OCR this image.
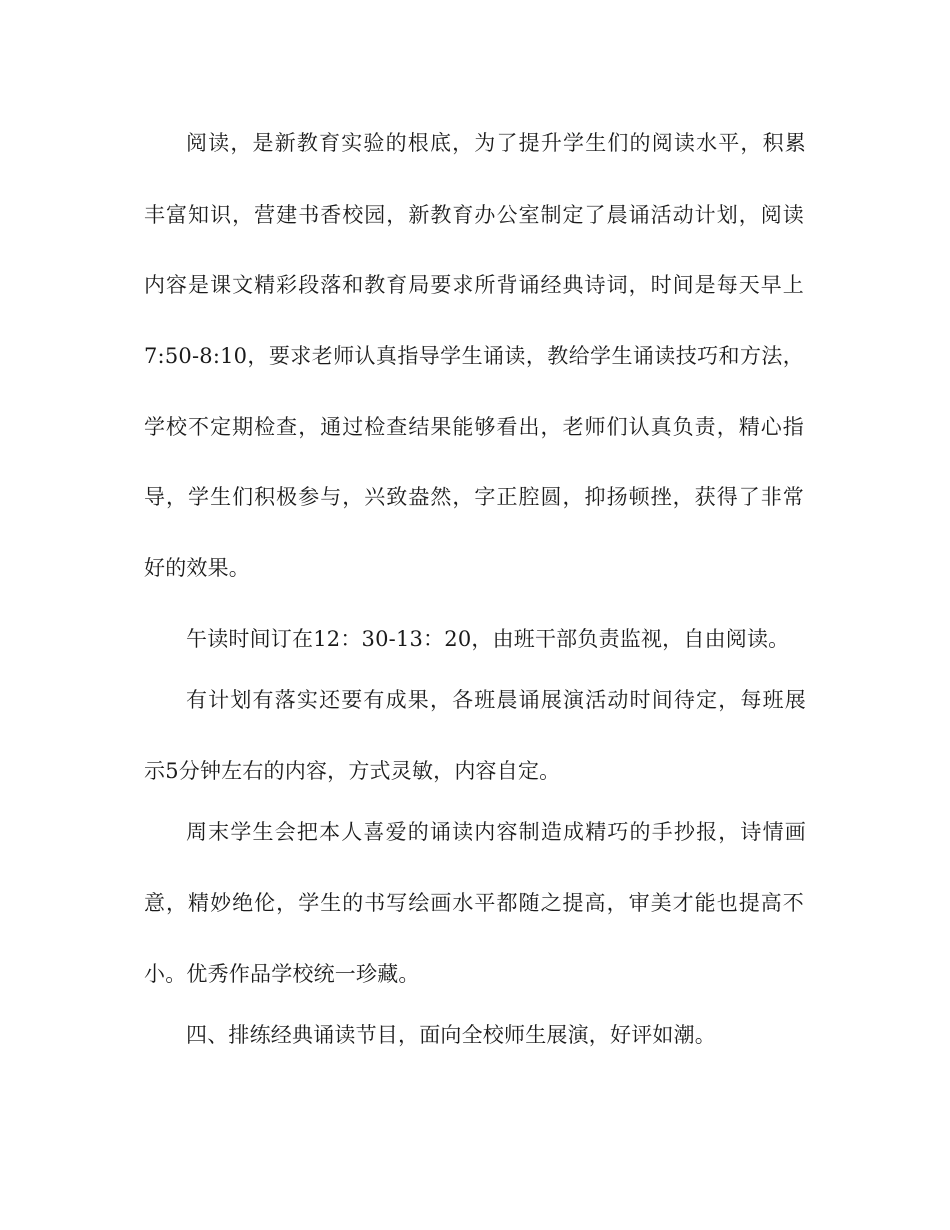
阅读，是新教育实验的根底，为了提升学生们的阅读水平，积累
丰富知识，营建书香校园，新教育办公室制定了晨诵活动计划，阅读
内容是课文精彩段落和教育局要求所背诵经典诗词，时间是每天早上
7:50-8:10，要求老师认真指导学生诵读，教给学生诵读技巧和方法，
学校不定期检查，通过检查结果能够看出，老师们认真负责，精心指
导，学生们积极参与，兴致盎然，字正腔圆，抑扬顿挫，获得了非常
好的效果。
午读时间订在12：30-13：20，由班干部负责监视，自由阅读。
有计划有落实还要有成果，各班晨诵展演活动时间待定，每班展
示5分钟左右的内容，方式灵敏，内容自定。
周末学生会把本人喜爱的诵读内容制造成精巧的手抄报，诗情画
意，精妙绝伦，学生的书写绘画水平都随之提高，审美才能也提高不
小。优秀作品学校统一珍藏。
四、排练经典诵读节目，面向全校师生展演，好评如潮。
